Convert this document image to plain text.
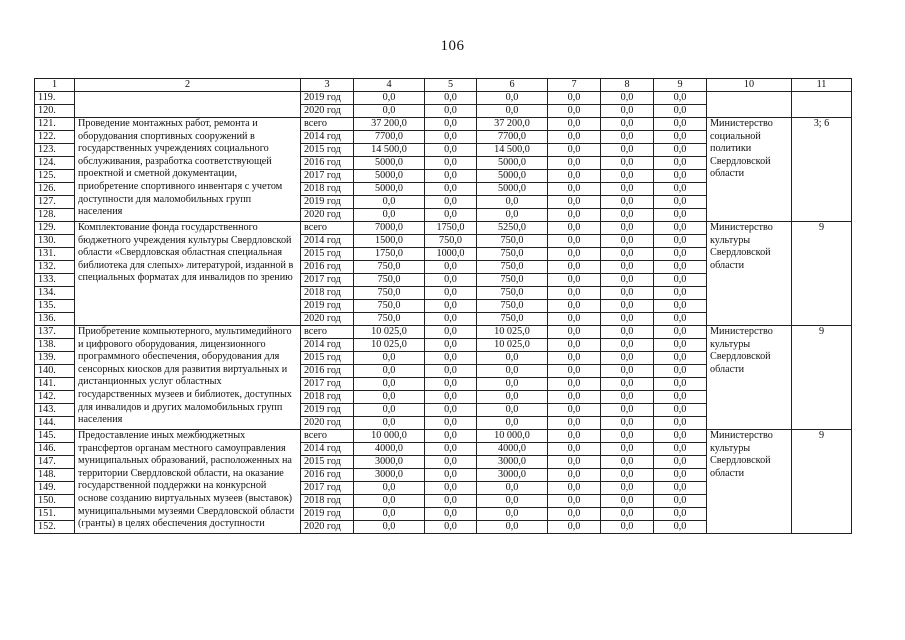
106
1	2	3	4	5	6	7	8	9	10	11
119.		2019 год	0,0	0,0	0,0	0,0	0,0	0,0		
120.		2020 год	0,0	0,0	0,0	0,0	0,0	0,0		
121.	Проведение монтажных работ, ремонта и оборудования спортивных сооружений в государственных учреждениях социального обслуживания, разработка соответствующей проектной и сметной документации, приобретение спортивного инвентаря с учетом доступности для маломобильных групп населения	всего	37 200,0	0,0	37 200,0	0,0	0,0	0,0	Министерство социальной политики Свердловской области	3; 6
122.		2014 год	7700,0	0,0	7700,0	0,0	0,0	0,0		
123.		2015 год	14 500,0	0,0	14 500,0	0,0	0,0	0,0		
124.		2016 год	5000,0	0,0	5000,0	0,0	0,0	0,0		
125.		2017 год	5000,0	0,0	5000,0	0,0	0,0	0,0		
126.		2018 год	5000,0	0,0	5000,0	0,0	0,0	0,0		
127.		2019 год	0,0	0,0	0,0	0,0	0,0	0,0		
128.		2020 год	0,0	0,0	0,0	0,0	0,0	0,0		
129.	Комплектование фонда государственного бюджетного учреждения культуры Свердловской области «Свердловская областная специальная библиотека для слепых» литературой, изданной в специальных форматах для инвалидов по зрению	всего	7000,0	1750,0	5250,0	0,0	0,0	0,0	Министерство культуры Свердловской области	9
130.		2014 год	1500,0	750,0	750,0	0,0	0,0	0,0		
131.		2015 год	1750,0	1000,0	750,0	0,0	0,0	0,0		
132.		2016 год	750,0	0,0	750,0	0,0	0,0	0,0		
133.		2017 год	750,0	0,0	750,0	0,0	0,0	0,0		
134.		2018 год	750,0	0,0	750,0	0,0	0,0	0,0		
135.		2019 год	750,0	0,0	750,0	0,0	0,0	0,0		
136.		2020 год	750,0	0,0	750,0	0,0	0,0	0,0		
137.	Приобретение компьютерного, мультимедийного и цифрового оборудования, лицензионного программного обеспечения, оборудования для сенсорных киосков для развития виртуальных и дистанционных услуг областных государственных музеев и библиотек, доступных для инвалидов и других маломобильных групп населения	всего	10 025,0	0,0	10 025,0	0,0	0,0	0,0	Министерство культуры Свердловской области	9
138.		2014 год	10 025,0	0,0	10 025,0	0,0	0,0	0,0		
139.		2015 год	0,0	0,0	0,0	0,0	0,0	0,0		
140.		2016 год	0,0	0,0	0,0	0,0	0,0	0,0		
141.		2017 год	0,0	0,0	0,0	0,0	0,0	0,0		
142.		2018 год	0,0	0,0	0,0	0,0	0,0	0,0		
143.		2019 год	0,0	0,0	0,0	0,0	0,0	0,0		
144.		2020 год	0,0	0,0	0,0	0,0	0,0	0,0		
145.	Предоставление иных межбюджетных трансфертов органам местного самоуправления муниципальных образований, расположенных на территории Свердловской области, на оказание государственной поддержки на конкурсной основе созданию виртуальных музеев (выставок) муниципальными музеями Свердловской области (гранты) в целях обеспечения доступности	всего	10 000,0	0,0	10 000,0	0,0	0,0	0,0	Министерство культуры Свердловской области	9
146.		2014 год	4000,0	0,0	4000,0	0,0	0,0	0,0		
147.		2015 год	3000,0	0,0	3000,0	0,0	0,0	0,0		
148.		2016 год	3000,0	0,0	3000,0	0,0	0,0	0,0		
149.		2017 год	0,0	0,0	0,0	0,0	0,0	0,0		
150.		2018 год	0,0	0,0	0,0	0,0	0,0	0,0		
151.		2019 год	0,0	0,0	0,0	0,0	0,0	0,0		
152.		2020 год	0,0	0,0	0,0	0,0	0,0	0,0		
